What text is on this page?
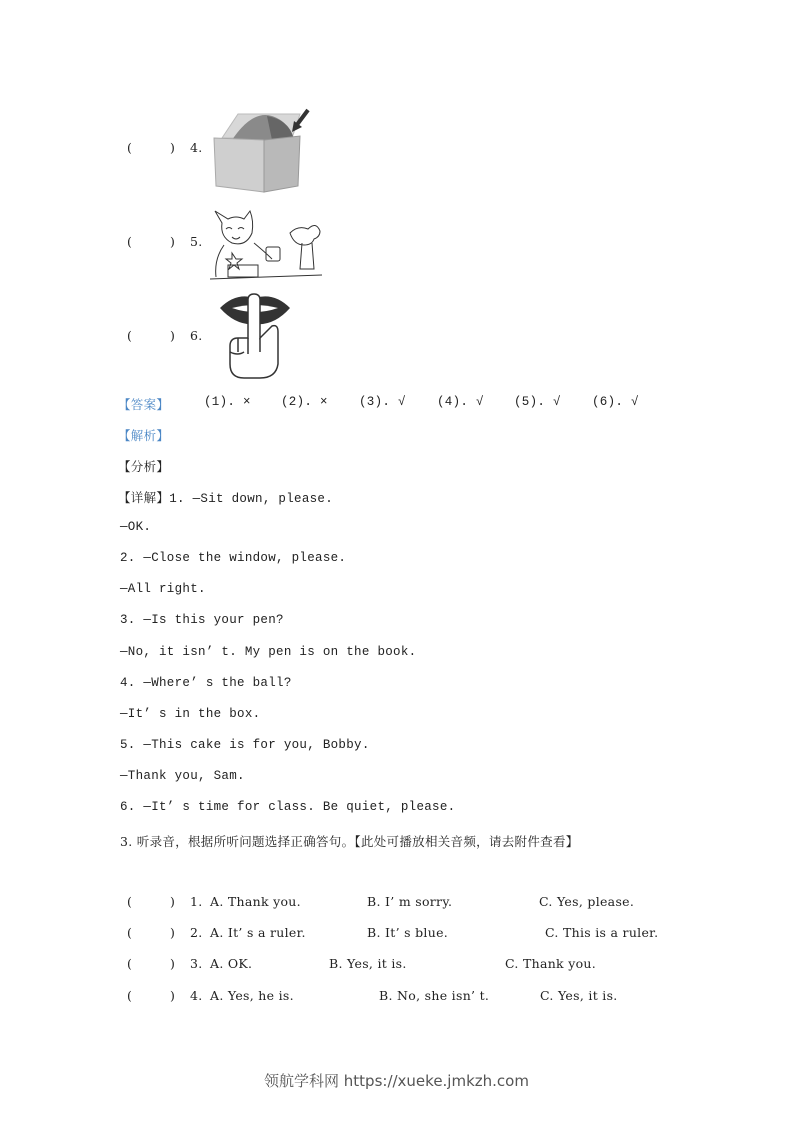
(	) 4.
(	) 5.
(	) 6.
【答案】	(1). × (2). × (3). √ (4). √ (5). √ (6). √
【解析】
【分析】
【详解】1. —Sit down, please.
—OK.
2. —Close the window, please.
—All right.
3. —Is this your pen?
—No, it isn’ t. My pen is on the book.
4. —Where’ s the ball?
—It’ s in the box.
5. —This cake is for you, Bobby.
—Thank you, Sam.
6. —It’ s time for class. Be quiet, please.
3. 听录音，根据所听问题选择正确答句。【此处可播放相关音频，请去附件查看】
(	) 1. A. Thank you.	B. I’ m sorry.	C. Yes, please.
(	) 2. A. It’ s a ruler.	B. It’ s blue.	C. This is a ruler.
(	) 3. A. OK.	B. Yes, it is.	C. Thank you.
(	) 4. A. Yes, he is.	B. No, she isn’ t.	C. Yes, it is.
领航学科网 https://xueke.jmkzh.com
